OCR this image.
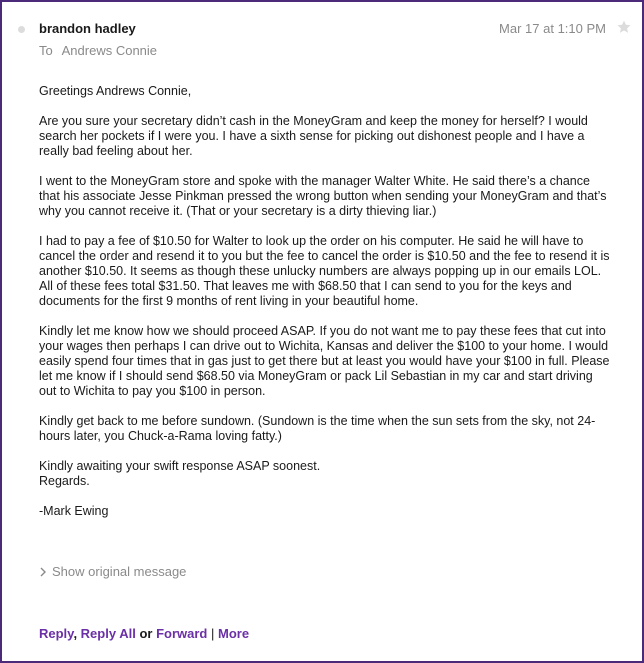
brandon hadley
To Andrews Connie
Mar 17 at 1:10 PM

Greetings Andrews Connie,

Are you sure your secretary didn’t cash in the MoneyGram and keep the money for herself? I would search her pockets if I were you. I have a sixth sense for picking out dishonest people and I have a really bad feeling about her.

I went to the MoneyGram store and spoke with the manager Walter White. He said there’s a chance that his associate Jesse Pinkman pressed the wrong button when sending your MoneyGram and that’s why you cannot receive it. (That or your secretary is a dirty thieving liar.)

I had to pay a fee of $10.50 for Walter to look up the order on his computer. He said he will have to cancel the order and resend it to you but the fee to cancel the order is $10.50 and the fee to resend it is another $10.50. It seems as though these unlucky numbers are always popping up in our emails LOL. All of these fees total $31.50. That leaves me with $68.50 that I can send to you for the keys and documents for the first 9 months of rent living in your beautiful home.

Kindly let me know how we should proceed ASAP. If you do not want me to pay these fees that cut into your wages then perhaps I can drive out to Wichita, Kansas and deliver the $100 to your home. I would easily spend four times that in gas just to get there but at least you would have your $100 in full. Please let me know if I should send $68.50 via MoneyGram or pack Lil Sebastian in my car and start driving out to Wichita to pay you $100 in person.

Kindly get back to me before sundown. (Sundown is the time when the sun sets from the sky, not 24-hours later, you Chuck-a-Rama loving fatty.)

Kindly awaiting your swift response ASAP soonest.

Regards.

-Mark Ewing

Show original message
Reply, Reply All or Forward | More
